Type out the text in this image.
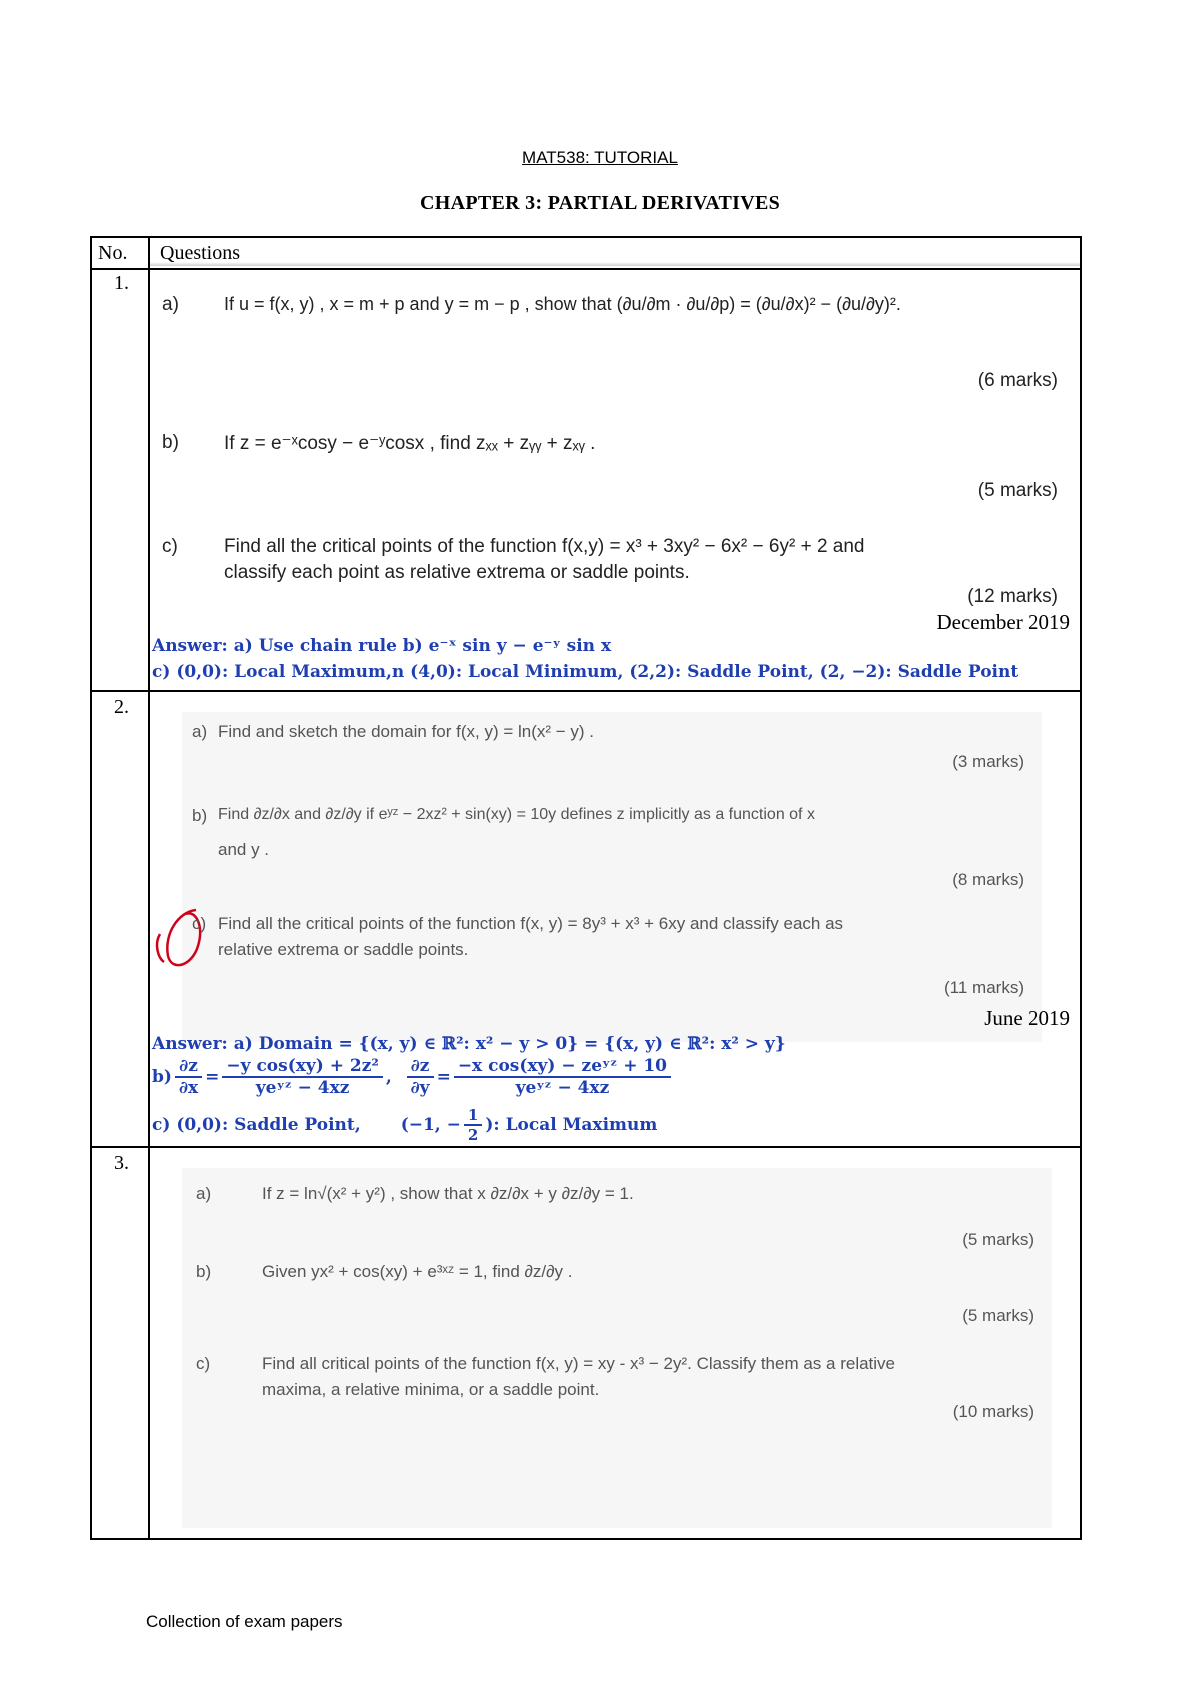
MAT538: TUTORIAL
CHAPTER 3: PARTIAL DERIVATIVES
No. Questions
1.
a)	If u = f(x, y) , x = m + p and y = m − p , show that (∂u/∂m · ∂u/∂p) = (∂u/∂x)² − (∂u/∂y)².
(6 marks)
b) If z = e⁻ˣcosy − e⁻ʸcosx , find zₓₓ + zᵧᵧ + zₓᵧ .
(5 marks)
c) Find all the critical points of the function f(x,y) = x³ + 3xy² − 6x² − 6y² + 2 and
classify each point as relative extrema or saddle points.
(12 marks)
December 2019
Answer: a) Use chain rule b) e⁻ˣ sin y − e⁻ʸ sin x
c) (0,0): Local Maximum,n (4,0): Local Minimum, (2,2): Saddle Point, (2, −2): Saddle Point
2.
a) Find and sketch the domain for f(x, y) = ln(x² − y) .
(3 marks)
b) Find ∂z/∂x and ∂z/∂y if eʸᶻ − 2xz² + sin(xy) = 10y defines z implicitly as a function of x
and y .
(8 marks)
c) Find all the critical points of the function f(x, y) = 8y³ + x³ + 6xy and classify each as
relative extrema or saddle points.
(11 marks)
June 2019
Answer: a) Domain = {(x, y) ∈ ℝ²: x² − y > 0} = {(x, y) ∈ ℝ²: x² > y}
$b) \frac{\partial z}{\partial x} = \frac{\text{−y cos(xy) + 2z²}}{\text{yeʸᶻ − 4xz}}$ , $\frac{\partial z}{\partial y} = \frac{\text{−x cos(xy) − zeʸᶻ + 10}}{\text{yeʸᶻ − 4xz}}$
c) (0,0): Saddle Point, (−1, − $\frac{1}{2}$ ): Local Maximum
3.
a)	If z = ln√(x² + y²) , show that x ∂z/∂x + y ∂z/∂y = 1.
(5 marks)
b)	Given yx² + cos(xy) + e³ˣᶻ = 1, find ∂z/∂y .
(5 marks)
c)	Find all critical points of the function f(x, y) = xy - x³ − 2y². Classify them as a relative
maxima, a relative minima, or a saddle point.
(10 marks)
Collection of exam papers
